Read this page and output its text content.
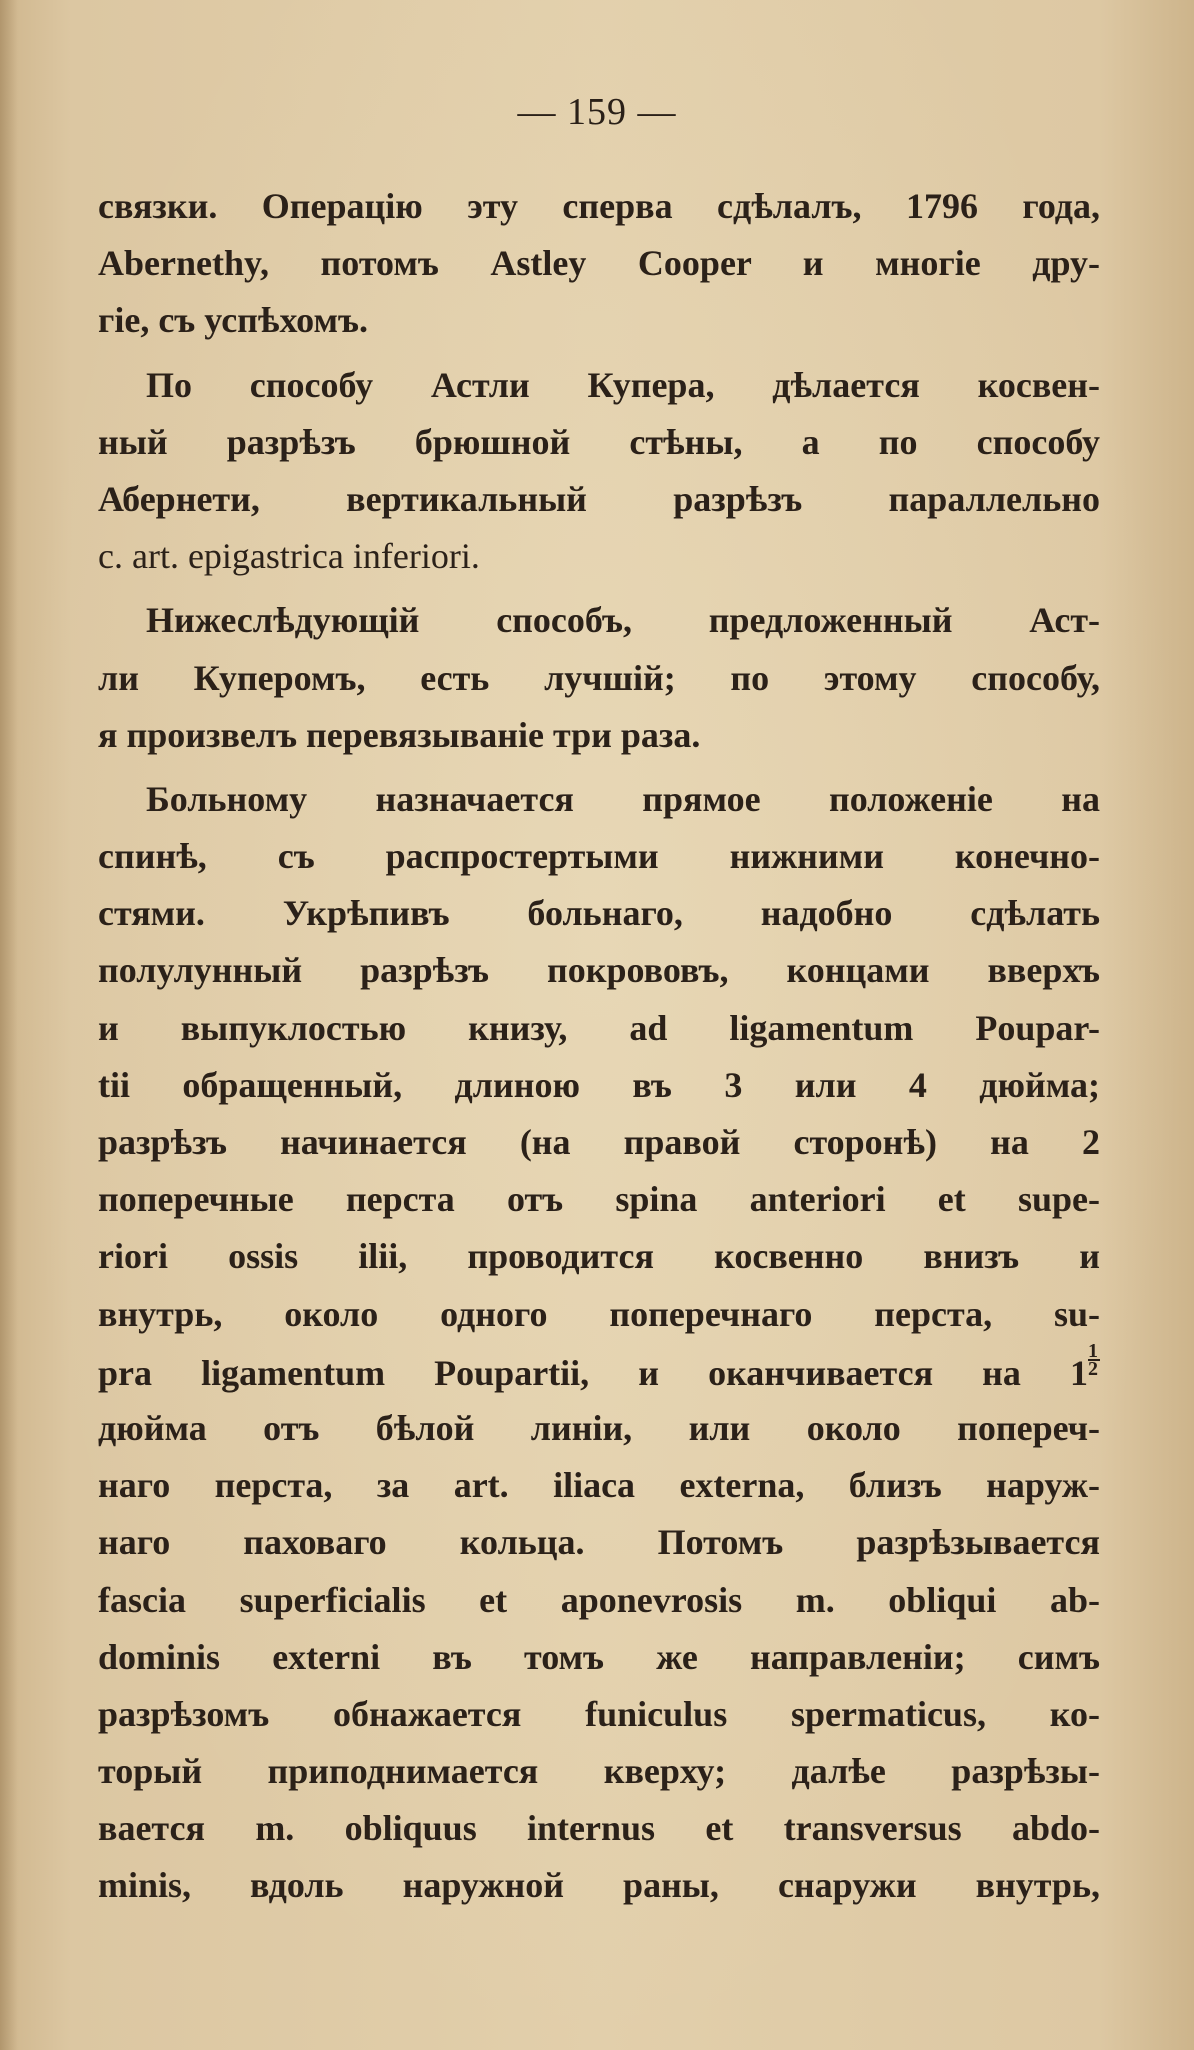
— 159 —
связки. Операцію эту сперва сдѣлалъ, 1796 года,
Abernethy, потомъ Astley Cooper и многіе дру-
гіе, съ успѣхомъ.
По способу Астли Купера, дѣлается косвен-
ный разрѣзъ брюшной стѣны, а по способу
Абернети, вертикальный разрѣзъ параллельно
c. art. epigastrica inferiori.
Нижеслѣдующій способъ, предложенный Аст-
ли Куперомъ, есть лучшій; по этому способу,
я произвелъ перевязываніе три раза.
Больному назначается прямое положеніе на
спинѣ, съ распростертыми нижними конечно-
стями. Укрѣпивъ больнаго, надобно сдѣлать
полулунный разрѣзъ покрововъ, концами вверхъ
и выпуклостью книзу, ad ligamentum Poupar-
tii обращенный, длиною въ 3 или 4 дюйма;
разрѣзъ начинается (на правой сторонѣ) на 2
поперечные перста отъ spina anteriori et supe-
riori ossis ilii, проводится косвенно внизъ и
внутрь, около одного поперечнаго перста, su-
pra ligamentum Poupartii, и оканчивается на $1 \frac{1}{2}$
дюйма отъ бѣлой линіи, или около попереч-
наго перста, за art. iliaca externa, близъ наруж-
наго паховаго кольца. Потомъ разрѣзывается
fascia superficialis et aponevrosis m. obliqui ab-
dominis externi въ томъ же направленіи; симъ
разрѣзомъ обнажается funiculus spermaticus, ко-
торый приподнимается кверху; далѣе разрѣзы-
вается m. obliquus internus et transversus abdo-
minis, вдоль наружной раны, снаружи внутрь,
